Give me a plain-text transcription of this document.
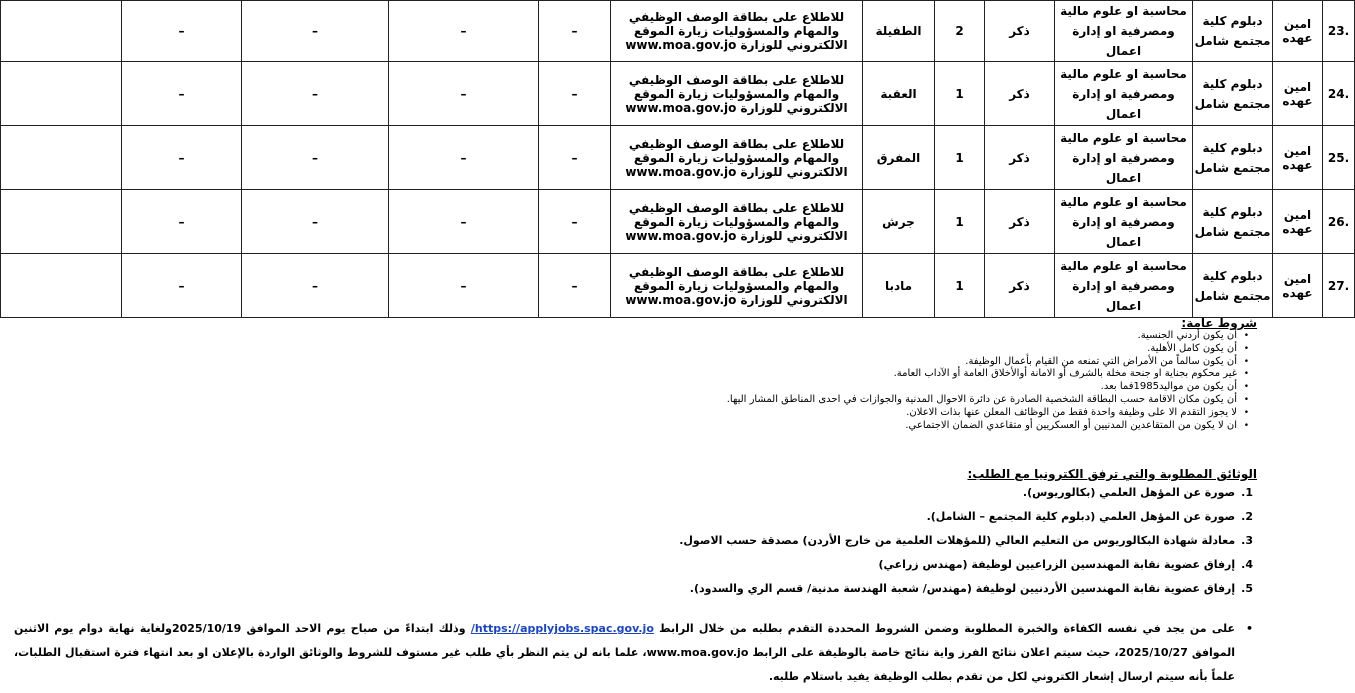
.23	امين عهده	دبلوم كلية مجتمع شامل	محاسبة او علوم مالية ومصرفية او إدارة اعمال	ذكر	2	الطفيلة	للاطلاع على بطاقة الوصف الوظيفي
والمهام والمسؤوليات زيارة الموقع
الالكتروني للوزارة www.moa.gov.jo	–	–	–	–	
.24	امين عهده	دبلوم كلية مجتمع شامل	محاسبة او علوم مالية ومصرفية او إدارة اعمال	ذكر	1	العقبة	للاطلاع على بطاقة الوصف الوظيفي
والمهام والمسؤوليات زيارة الموقع
الالكتروني للوزارة www.moa.gov.jo	–	–	–	–	
.25	امين عهده	دبلوم كلية مجتمع شامل	محاسبة او علوم مالية ومصرفية او إدارة اعمال	ذكر	1	المفرق	للاطلاع على بطاقة الوصف الوظيفي
والمهام والمسؤوليات زيارة الموقع
الالكتروني للوزارة www.moa.gov.jo	–	–	–	–	
.26	امين عهده	دبلوم كلية مجتمع شامل	محاسبة او علوم مالية ومصرفية او إدارة اعمال	ذكر	1	جرش	للاطلاع على بطاقة الوصف الوظيفي
والمهام والمسؤوليات زيارة الموقع
الالكتروني للوزارة www.moa.gov.jo	–	–	–	–	
.27	امين عهده	دبلوم كلية مجتمع شامل	محاسبة او علوم مالية ومصرفية او إدارة اعمال	ذكر	1	مادبا	للاطلاع على بطاقة الوصف الوظيفي
والمهام والمسؤوليات زيارة الموقع
الالكتروني للوزارة www.moa.gov.jo	–	–	–	–	
شروط عامة:
• أن يكون أردني الجنسية.
• أن يكون كامل الأهلية.
• أن يكون سالماً من الأمراض التي تمنعه من القيام بأعمال الوظيفة.
• غير محكوم بجناية او جنحة مخلة بالشرف أو الامانة أوالأخلاق العامة أو الآداب العامة.
• أن يكون من مواليد1985فما بعد.
• أن يكون مكان الاقامة حسب البطاقة الشخصية الصادرة عن دائرة الاحوال المدنية والجوازات في احدى المناطق المشار اليها.
• لا يجوز التقدم الا على وظيفة واحدة فقط من الوظائف المعلن عنها بذات الاعلان.
• ان لا يكون من المتقاعدين المدنيين أو العسكريين أو متقاعدي الضمان الاجتماعي.
الوثائق المطلوبة والتي ترفق الكترونيا مع الطلب:
1. صورة عن المؤهل العلمي (بكالوريوس).
2. صورة عن المؤهل العلمي (دبلوم كلية المجتمع – الشامل).
3. معادلة شهادة البكالوريوس من التعليم العالي (للمؤهلات العلمية من خارج الأردن) مصدقة حسب الاصول.
4. إرفاق عضوية نقابة المهندسين الزراعيين لوظيفة (مهندس زراعي)
5. إرفاق عضوية نقابة المهندسين الأردنيين لوظيفة (مهندس/ شعبة الهندسة مدنية/ قسم الري والسدود).
• على من يجد في نفسه الكفاءة والخبرة المطلوبة وضمن الشروط المحددة التقدم بطلبه من خلال الرابط https://applyjobs.spac.gov.jo/ وذلك ابتداءً من صباح يوم الاحد الموافق 2025/10/19ولغاية نهاية دوام يوم الاثنين الموافق 2025/10/27، حيث سيتم اعلان نتائج الفرز واية نتائج خاصة بالوظيفة على الرابط www.moa.gov.jo، علما بانه لن يتم النظر بأي طلب غير مستوف للشروط والوثائق الواردة بالإعلان او بعد انتهاء فترة استقبال الطلبات، علماً بأنه سيتم ارسال إشعار الكتروني لكل من تقدم بطلب الوظيفة يفيد باستلام طلبه.
